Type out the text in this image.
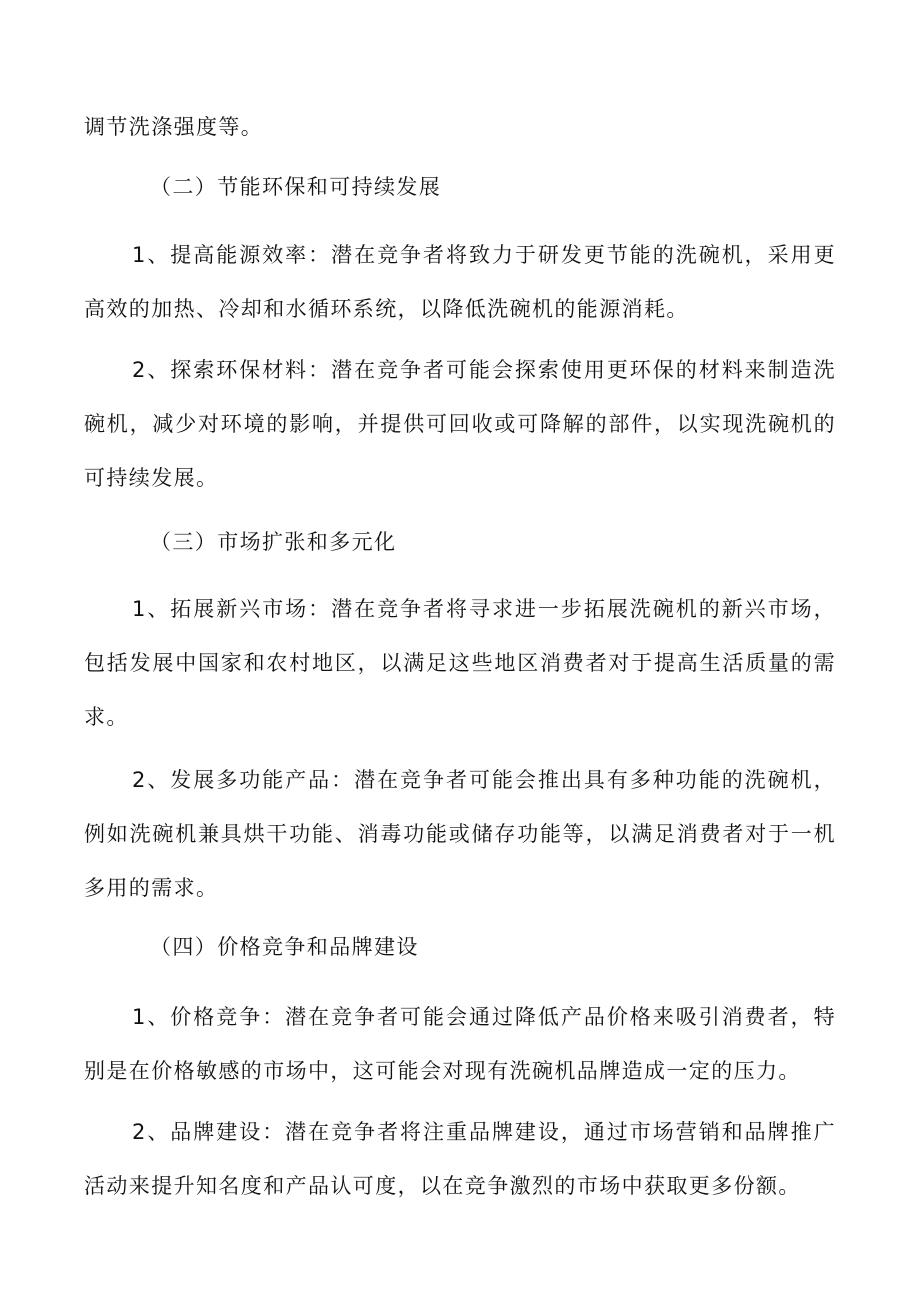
调节洗涤强度等。
（二）节能环保和可持续发展
1、提高能源效率：潜在竞争者将致力于研发更节能的洗碗机，采用更
高效的加热、冷却和水循环系统，以降低洗碗机的能源消耗。
2、探索环保材料：潜在竞争者可能会探索使用更环保的材料来制造洗
碗机，减少对环境的影响，并提供可回收或可降解的部件，以实现洗碗机的
可持续发展。
（三）市场扩张和多元化
1、拓展新兴市场：潜在竞争者将寻求进一步拓展洗碗机的新兴市场，
包括发展中国家和农村地区，以满足这些地区消费者对于提高生活质量的需
求。
2、发展多功能产品：潜在竞争者可能会推出具有多种功能的洗碗机，
例如洗碗机兼具烘干功能、消毒功能或储存功能等，以满足消费者对于一机
多用的需求。
（四）价格竞争和品牌建设
1、价格竞争：潜在竞争者可能会通过降低产品价格来吸引消费者，特
别是在价格敏感的市场中，这可能会对现有洗碗机品牌造成一定的压力。
2、品牌建设：潜在竞争者将注重品牌建设，通过市场营销和品牌推广
活动来提升知名度和产品认可度，以在竞争激烈的市场中获取更多份额。
